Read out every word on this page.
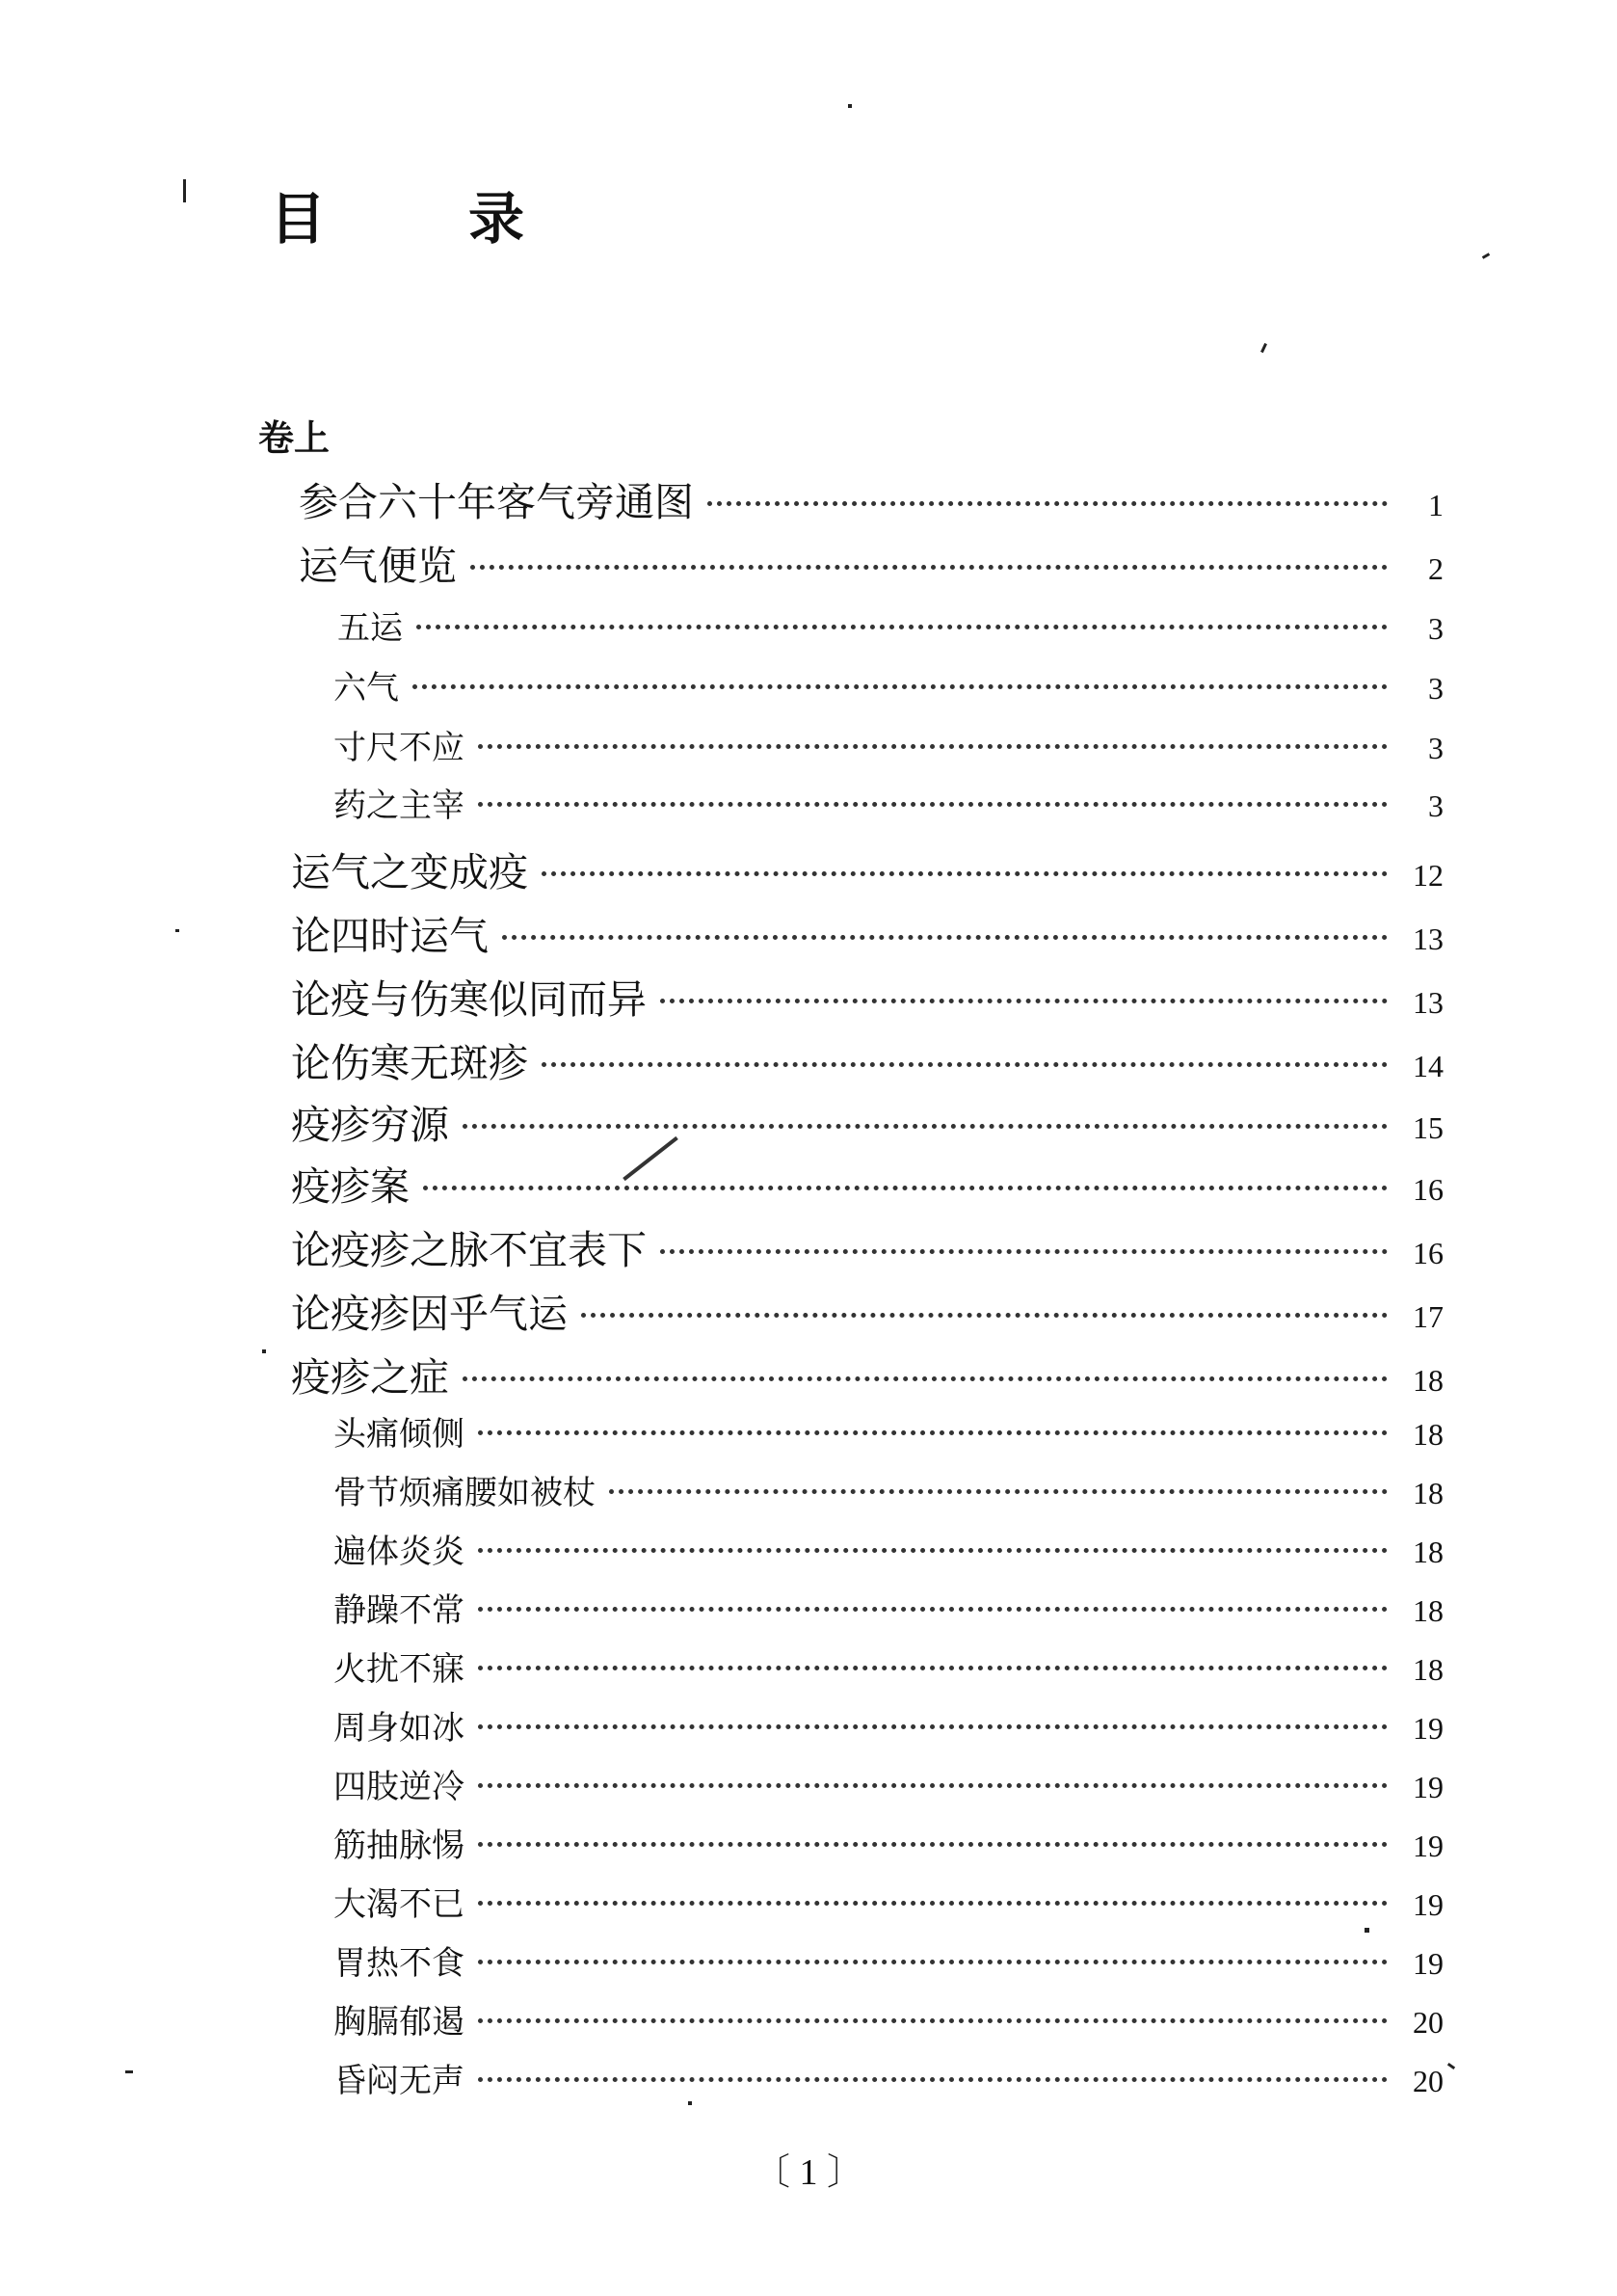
目	录
卷上
参合六十年客气旁通图	1
运气便览	2
五运	3
六气	3
寸尺不应	3
药之主宰	3
运气之变成疫	12
论四时运气	13
论疫与伤寒似同而异	13
论伤寒无斑疹	14
疫疹穷源	15
疫疹案	16
论疫疹之脉不宜表下	16
论疫疹因乎气运	17
疫疹之症	18
头痛倾侧	18
骨节烦痛腰如被杖	18
遍体炎炎	18
静躁不常	18
火扰不寐	18
周身如冰	19
四肢逆冷	19
筋抽脉惕	19
大渴不已	19
胃热不食	19
胸膈郁遏	20
昏闷无声	20
〔 1 〕
